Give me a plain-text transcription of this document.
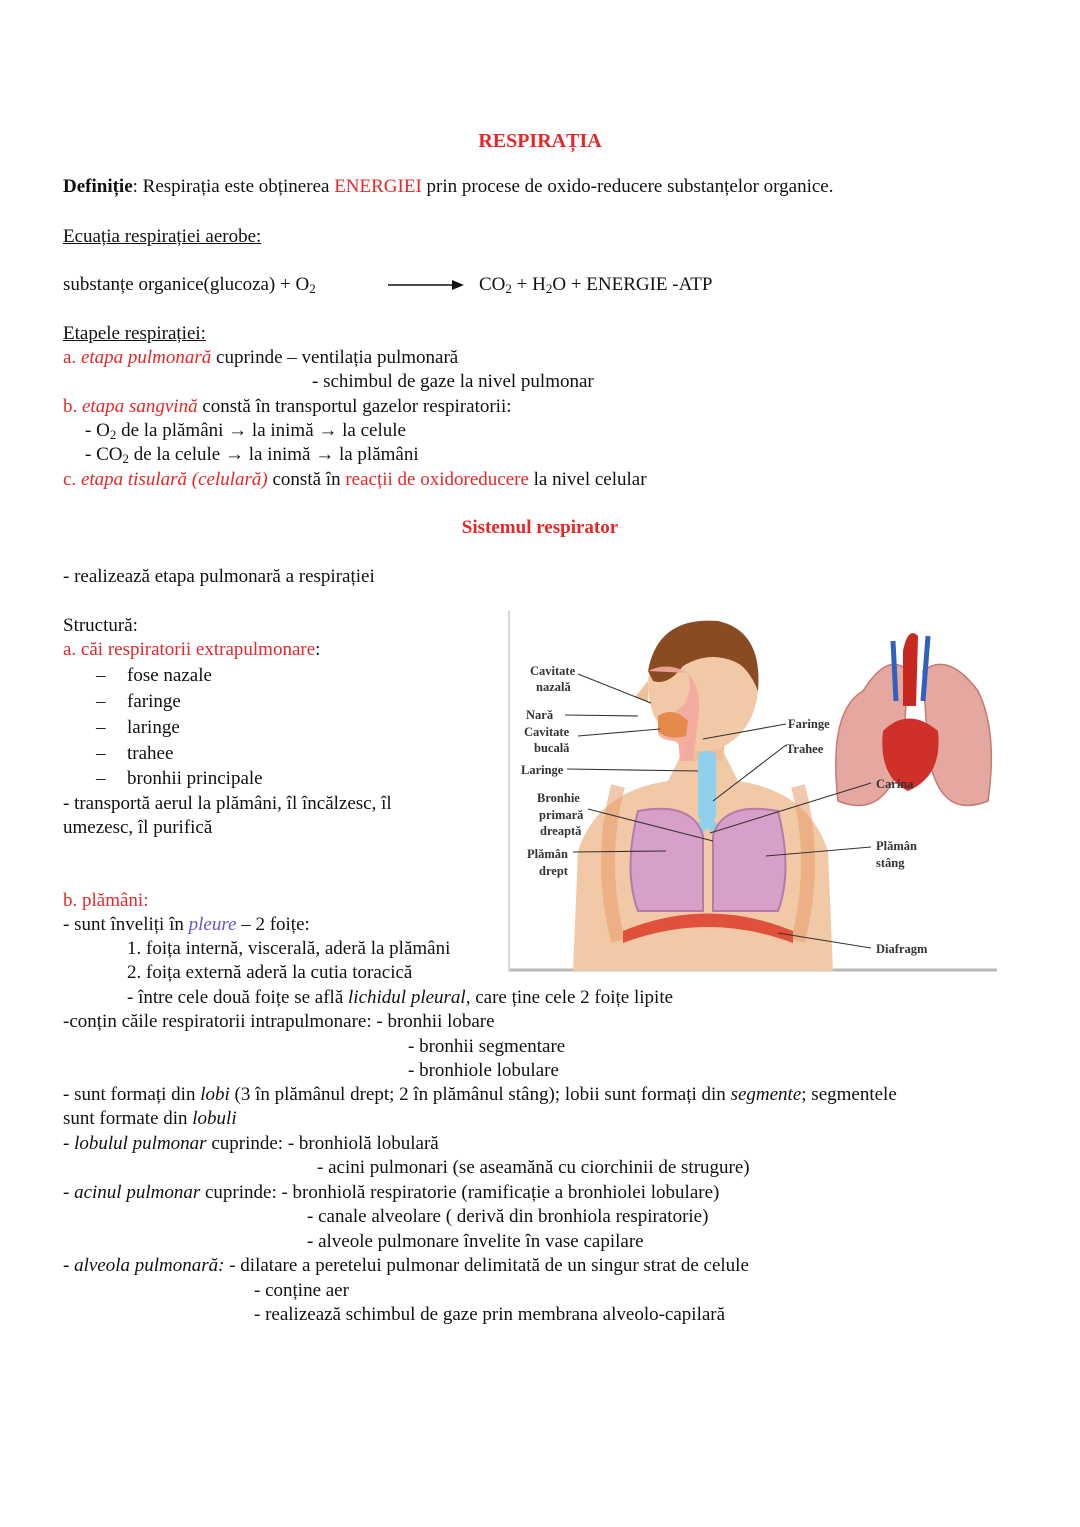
RESPIRAȚIA
Definiție: Respirația este obținerea ENERGIEI prin procese de oxido-reducere substanțelor organice.
Ecuația respirației aerobe:
substanțe organice(glucoza) + $O_2$	→ $CO_2 + H_2O$ + ENERGIE -ATP
Etapele respirației:
a. etapa pulmonară cuprinde – ventilația pulmonară
- schimbul de gaze la nivel pulmonar
b. etapa sangvină constă în transportul gazelor respiratorii:
- $O_2$ de la plămâni → la inimă → la celule
- $CO_2$ de la celule → la inimă → la plămâni
c. etapa tisulară (celulară) constă în reacții de oxidoreducere la nivel celular
Sistemul respirator
- realizează etapa pulmonară a respirației
Structură:
a. căi respiratorii extrapulmonare:
– fose nazale
– faringe
– laringe
– trahee
– bronhii principale
- transportă aerul la plămâni, îl încălzesc, îl
umezesc, îl purifică
b. plămâni:
- sunt înveliți în pleure – 2 foițe:
1. foița internă, viscerală, aderă la plămâni
2. foița externă aderă la cutia toracică
- între cele două foițe se află lichidul pleural, care ține cele 2 foițe lipite
-conțin căile respiratorii intrapulmonare: - bronhii lobare
- bronhii segmentare
- bronhiole lobulare
- sunt formați din lobi (3 în plămânul drept; 2 în plămânul stâng); lobii sunt formați din segmente; segmentele
sunt formate din lobuli
- lobulul pulmonar cuprinde: - bronhiolă lobulară
- acini pulmonari (se aseamănă cu ciorchinii de strugure)
- acinul pulmonar cuprinde: - bronhiolă respiratorie (ramificație a bronhiolei lobulare)
- canale alveolare ( derivă din bronhiola respiratorie)
- alveole pulmonare învelite în vase capilare
- alveola pulmonară: - dilatare a peretelui pulmonar delimitată de un singur strat de celule
- conține aer
- realizează schimbul de gaze prin membrana alveolo-capilară
Cavitate
nazală
Nară
Cavitate
bucală
Laringe
Bronhie
primară
dreaptă
Plămân
drept
Faringe
Trahee
Carina
Plămân
stâng
Diafragm
